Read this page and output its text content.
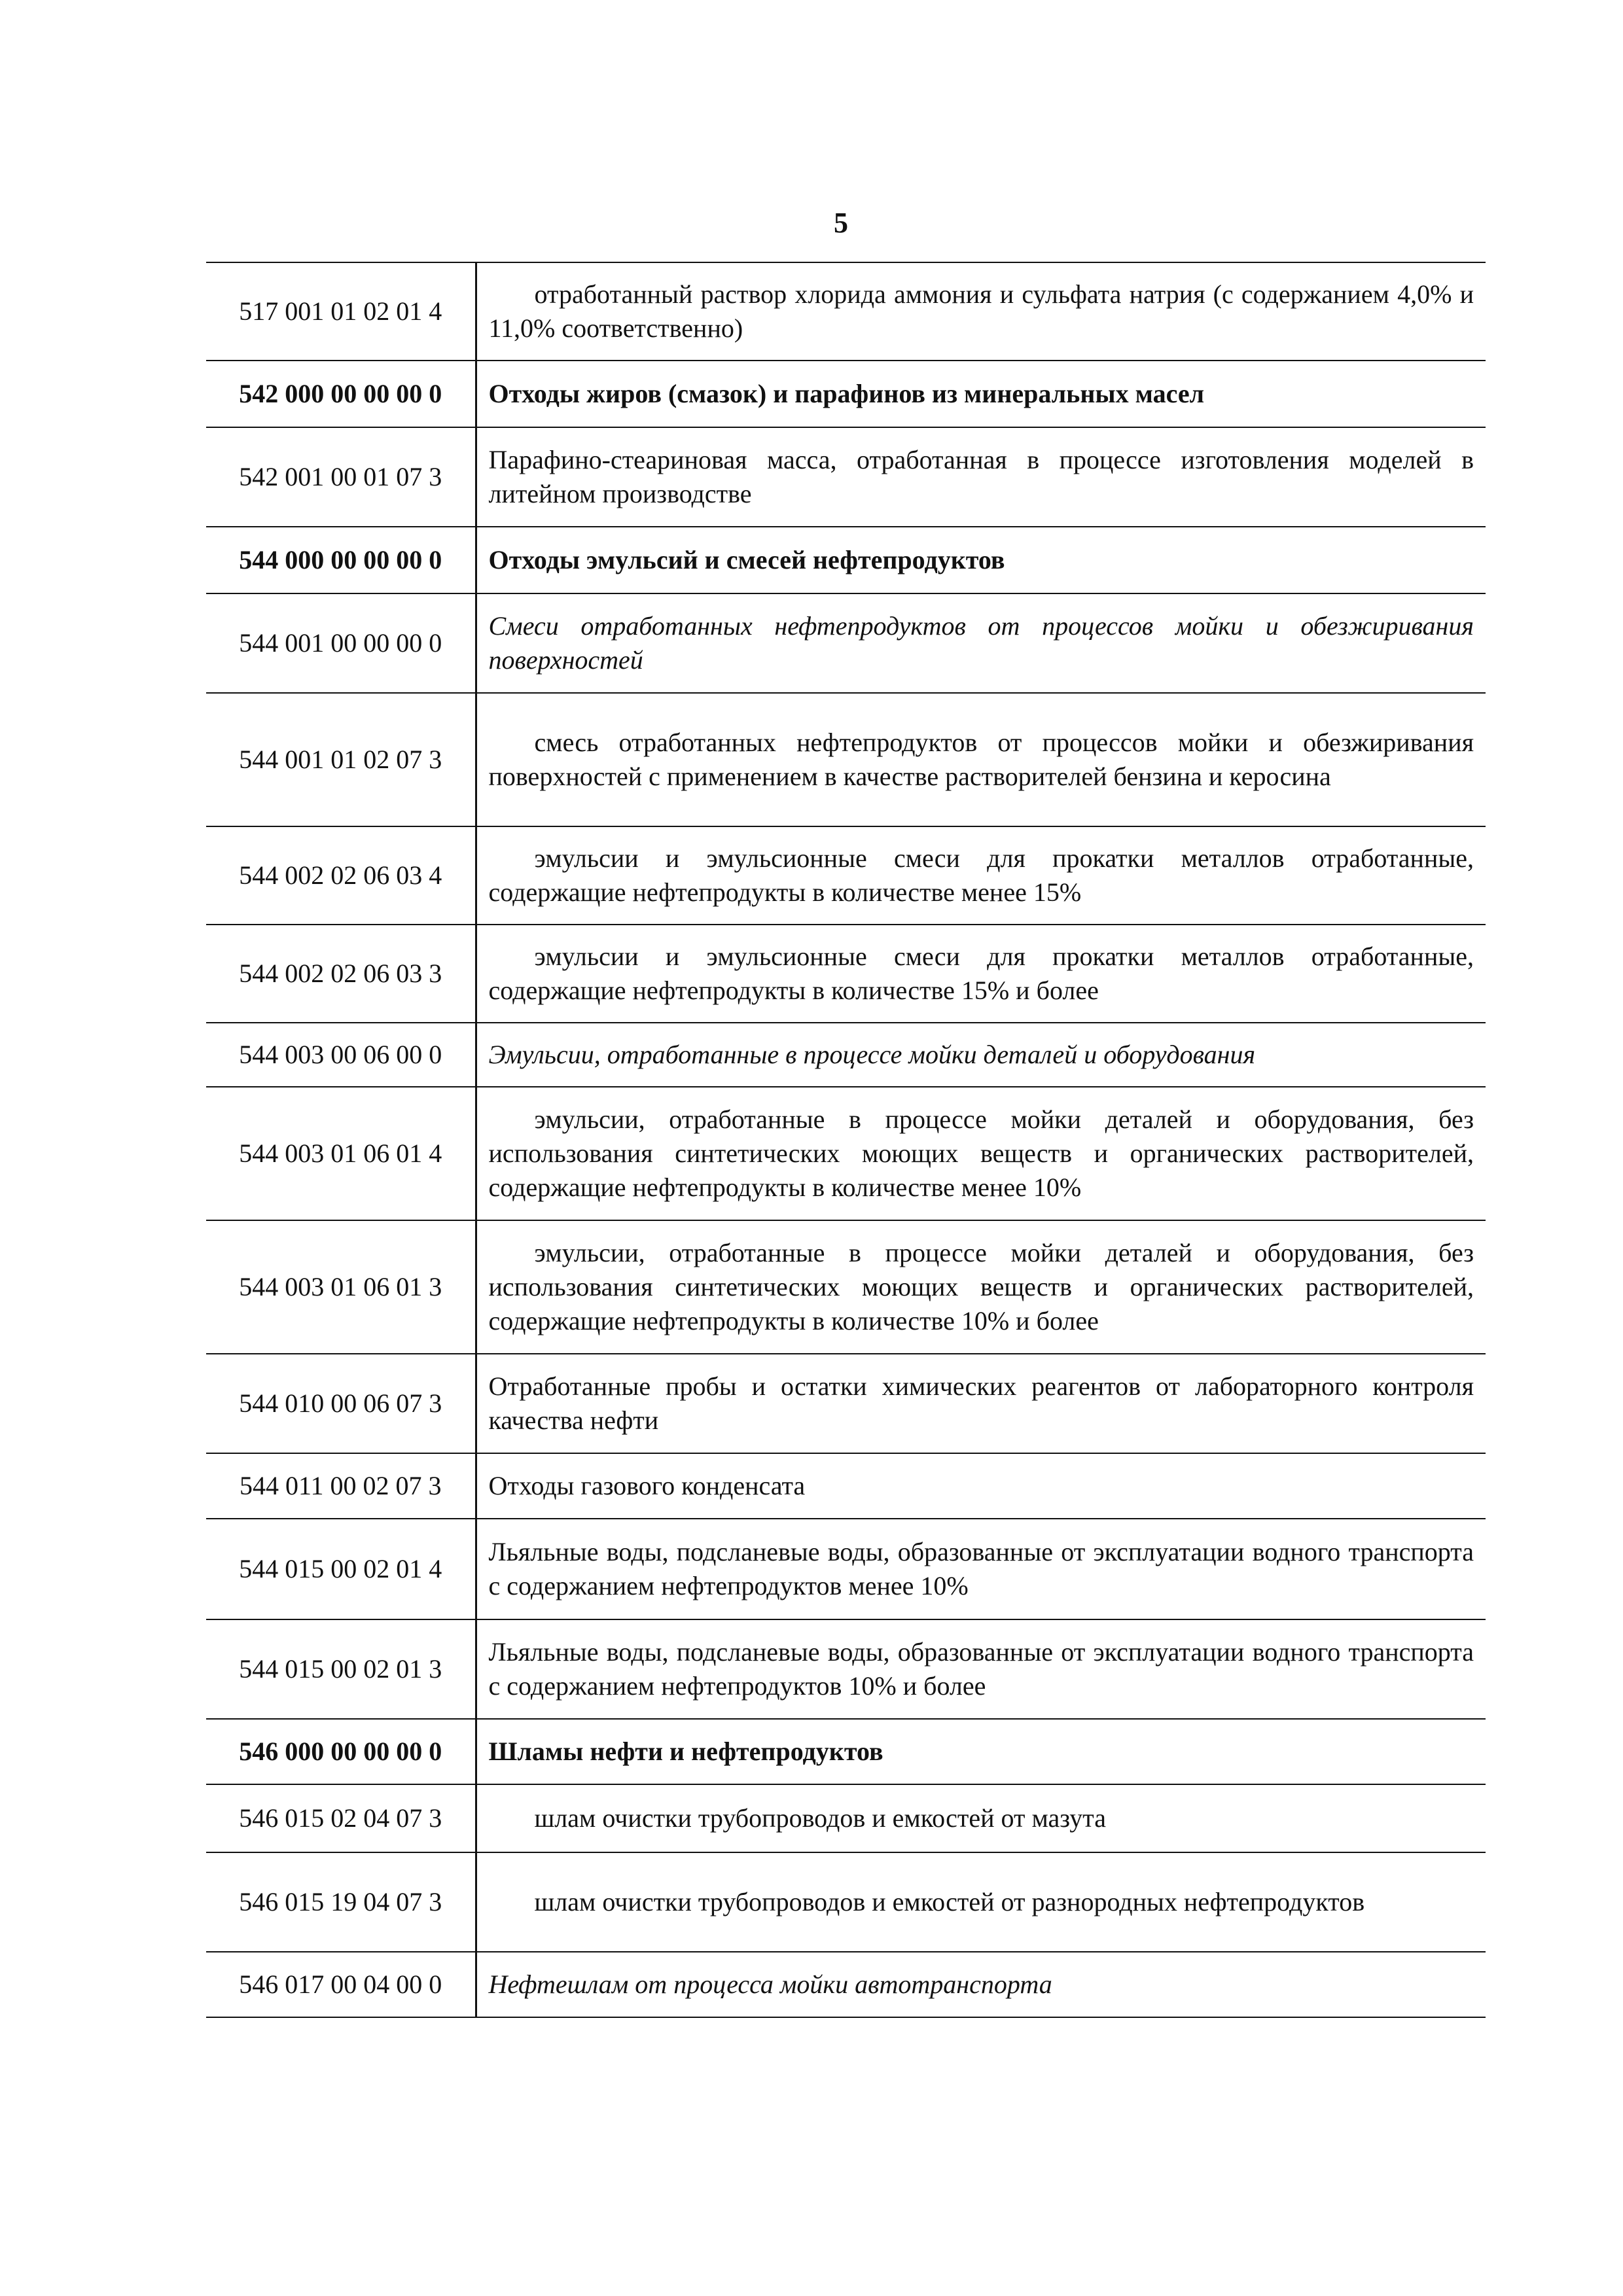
5
517 001 01 02 01 4	отработанный раствор хлорида аммония и сульфата натрия (с содержанием 4,0% и 11,0% соответственно)
542 000 00 00 00 0	Отходы жиров (смазок) и парафинов из минеральных масел
542 001 00 01 07 3	Парафино-стеариновая масса, отработанная в процессе изготовления моделей в литейном производстве
544 000 00 00 00 0	Отходы эмульсий и смесей нефтепродуктов
544 001 00 00 00 0	Смеси отработанных нефтепродуктов от процессов мойки и обезжиривания поверхностей
544 001 01 02 07 3	смесь отработанных нефтепродуктов от процессов мойки и обезжиривания поверхностей с применением в качестве растворителей бензина и керосина
544 002 02 06 03 4	эмульсии и эмульсионные смеси для прокатки металлов отработанные, содержащие нефтепродукты в количестве менее 15%
544 002 02 06 03 3	эмульсии и эмульсионные смеси для прокатки металлов отработанные, содержащие нефтепродукты в количестве 15% и более
544 003 00 06 00 0	Эмульсии, отработанные в процессе мойки деталей и оборудования
544 003 01 06 01 4	эмульсии, отработанные в процессе мойки деталей и оборудования, без использования синтетических моющих веществ и органических растворителей, содержащие нефтепродукты в количестве менее 10%
544 003 01 06 01 3	эмульсии, отработанные в процессе мойки деталей и оборудования, без использования синтетических моющих веществ и органических растворителей, содержащие нефтепродукты в количестве 10% и более
544 010 00 06 07 3	Отработанные пробы и остатки химических реагентов от лабораторного контроля качества нефти
544 011 00 02 07 3	Отходы газового конденсата
544 015 00 02 01 4	Льяльные воды, подсланевые воды, образованные от эксплуатации водного транспорта с содержанием нефтепродуктов менее 10%
544 015 00 02 01 3	Льяльные воды, подсланевые воды, образованные от эксплуатации водного транспорта с содержанием нефтепродуктов 10% и более
546 000 00 00 00 0	Шламы нефти и нефтепродуктов
546 015 02 04 07 3	шлам очистки трубопроводов и емкостей от мазута
546 015 19 04 07 3	шлам очистки трубопроводов и емкостей от разнородных нефтепродуктов
546 017 00 04 00 0	Нефтешлам от процесса мойки автотранспорта
